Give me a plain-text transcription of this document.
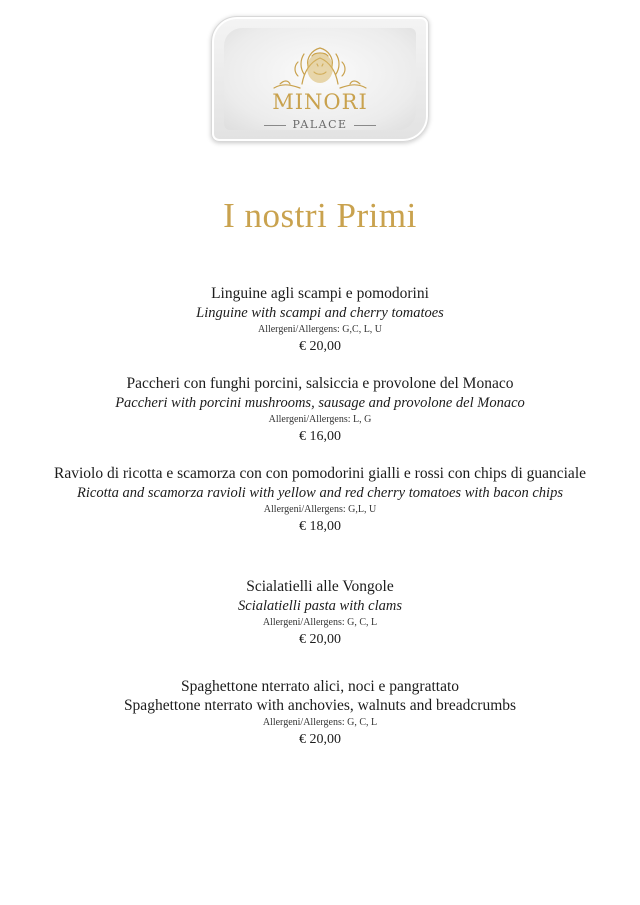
MINORI
PALACE
I nostri Primi
Linguine agli scampi e pomodorini
Linguine with scampi and cherry tomatoes
Allergeni/Allergens: G,C, L, U
€ 20,00
Paccheri con funghi porcini, salsiccia e provolone del Monaco
Paccheri with porcini mushrooms, sausage and provolone del Monaco
Allergeni/Allergens: L, G
€ 16,00
Raviolo di ricotta e scamorza con con pomodorini gialli e rossi con chips di guanciale
Ricotta and scamorza ravioli with yellow and red cherry tomatoes with bacon chips
Allergeni/Allergens: G,L, U
€ 18,00
Scialatielli alle Vongole
Scialatielli pasta with clams
Allergeni/Allergens: G, C, L
€ 20,00
Spaghettone nterrato alici, noci e pangrattato
Spaghettone nterrato with anchovies, walnuts and breadcrumbs
Allergeni/Allergens: G, C, L
€ 20,00
